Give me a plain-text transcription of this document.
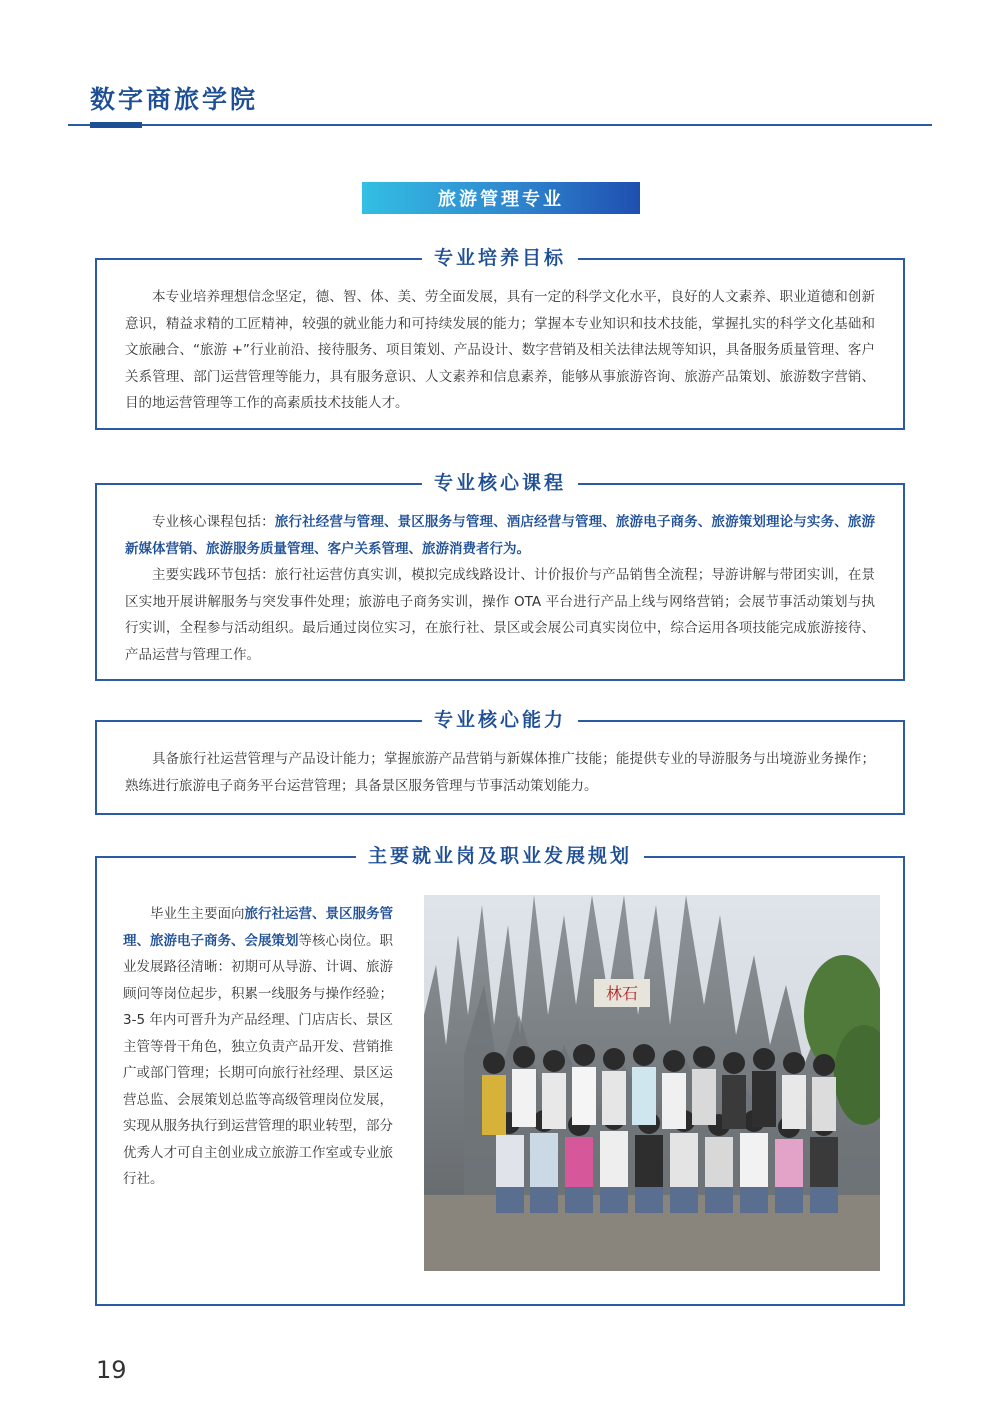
数字商旅学院
旅游管理专业
专业培养目标

本专业培养理想信念坚定，德、智、体、美、劳全面发展，具有一定的科学文化水平，良好的人文素养、职业道德和创新意识，精益求精的工匠精神，较强的就业能力和可持续发展的能力；掌握本专业知识和技术技能，掌握扎实的科学文化基础和文旅融合、“旅游 +”行业前沿、接待服务、项目策划、产品设计、数字营销及相关法律法规等知识，具备服务质量管理、客户关系管理、部门运营管理等能力，具有服务意识、人文素养和信息素养，能够从事旅游咨询、旅游产品策划、旅游数字营销、目的地运营管理等工作的高素质技术技能人才。

专业核心课程

专业核心课程包括：旅行社经营与管理、景区服务与管理、酒店经营与管理、旅游电子商务、旅游策划理论与实务、旅游新媒体营销、旅游服务质量管理、客户关系管理、旅游消费者行为。

主要实践环节包括：旅行社运营仿真实训，模拟完成线路设计、计价报价与产品销售全流程；导游讲解与带团实训，在景区实地开展讲解服务与突发事件处理；旅游电子商务实训，操作 OTA 平台进行产品上线与网络营销；会展节事活动策划与执行实训，全程参与活动组织。最后通过岗位实习，在旅行社、景区或会展公司真实岗位中，综合运用各项技能完成旅游接待、产品运营与管理工作。

专业核心能力

具备旅行社运营管理与产品设计能力；掌握旅游产品营销与新媒体推广技能；能提供专业的导游服务与出境游业务操作；熟练进行旅游电子商务平台运营管理；具备景区服务管理与节事活动策划能力。

主要就业岗及职业发展规划

毕业生主要面向旅行社运营、景区服务管理、旅游电子商务、会展策划等核心岗位。职业发展路径清晰：初期可从导游、计调、旅游顾问等岗位起步，积累一线服务与操作经验；3-5 年内可晋升为产品经理、门店店长、景区主管等骨干角色，独立负责产品开发、营销推广或部门管理；长期可向旅行社经理、景区运营总监、会展策划总监等高级管理岗位发展，实现从服务执行到运营管理的职业转型，部分优秀人才可自主创业成立旅游工作室或专业旅行社。

林石
19
